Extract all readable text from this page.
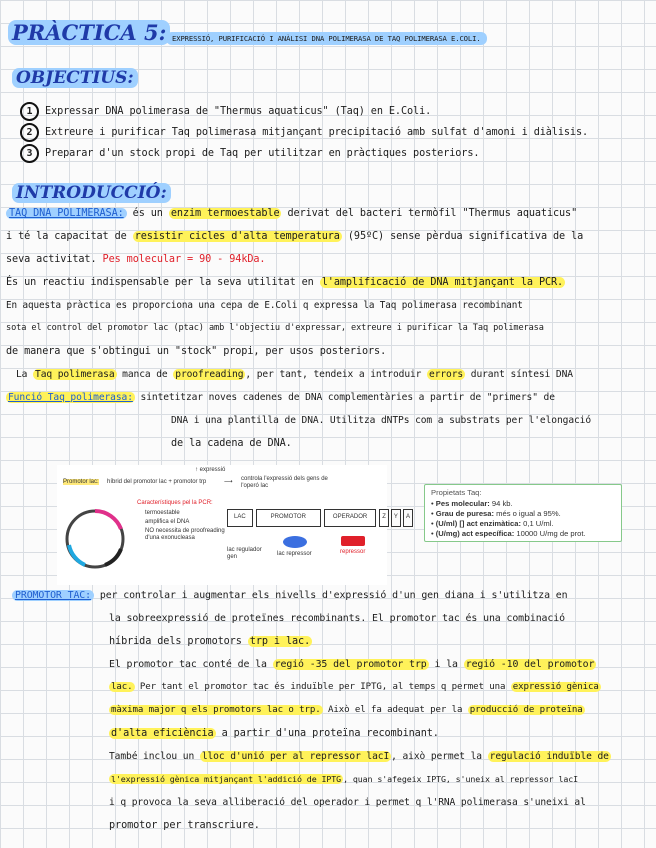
PRÀCTICA 5: EXPRESSIÓ, PURIFICACIÓ I ANÀLISI DNA POLIMERASA DE TAQ POLIMERASA E.COLI.
OBJECTIUS:
1 Expressar DNA polimerasa de "Thermus aquaticus" (Taq) en E.Coli.
2 Extreure i purificar Taq polimerasa mitjançant precipitació amb sulfat d'amoni i diàlisis.
3 Preparar d'un stock propi de Taq per utilitzar en pràctiques posteriors.
INTRODUCCIÓ:
TAQ DNA POLIMERASA: és un enzim termoestable derivat del bacteri termòfil "Thermus aquaticus"
i té la capacitat de resistir cicles d'alta temperatura (95ºC) sense pèrdua significativa de la
seva activitat. Pes molecular = 90 - 94kDa.
És un reactiu indispensable per la seva utilitat en l'amplificació de DNA mitjançant la PCR.
En aquesta pràctica es proporciona una cepa de E.Coli q expressa la Taq polimerasa recombinant
sota el control del promotor lac (ptac) amb l'objectiu d'expressar, extreure i purificar la Taq polimerasa
de manera que s'obtingui un "stock" propi, per usos posteriors.
La Taq polimerasa manca de proofreading , per tant, tendeix a introduir errors durant síntesi DNA
Funció Taq polimerasa: sintetitzar noves cadenes de DNA complementàries a partir de "primers" de
DNA i una plantilla de DNA. Utilitza dNTPs com a substrats per l'elongació
de la cadena de DNA.
↑ expressió
Promotor lac: híbrid del promotor lac + promotor trp	⟶ controla l'expressió dels gens de l'operó lac
Característiques pel la PCR:
termoestable
amplifica el DNA
NO necessita de proofreading d'una exonucleasa
LAC	PROMOTOR	OPERADOR	Z	Y	A
lac regulador gen	lac repressor	repressor
Propietats Taq:
• Pes molecular: 94 kb.
• Grau de puresa: més o igual a 95%.
• (U/ml) [] act enzimàtica: 0,1 U/ml.
• (U/mg) act específica: 10000 U/mg de prot.
PROMOTOR TAC: per controlar i augmentar els nivells d'expressió d'un gen diana i s'utilitza en
la sobreexpressió de proteïnes recombinants. El promotor tac és una combinació
híbrida dels promotors trp i lac.
El promotor tac conté de la regió -35 del promotor trp i la regió -10 del promotor
lac. Per tant el promotor tac és induïble per IPTG, al temps q permet una expressió gènica
màxima major q els promotors lac o trp. Això el fa adequat per la producció de proteïna
d'alta eficiència a partir d'una proteïna recombinant.
També inclou un lloc d'unió per al repressor lacI , això permet la regulació induïble de
l'expressió gènica mitjançant l'addició de IPTG , quan s'afegeix IPTG, s'uneix al repressor lacI
i q provoca la seva alliberació del operador i permet q l'RNA polimerasa s'uneixi al
promotor per transcriure.
